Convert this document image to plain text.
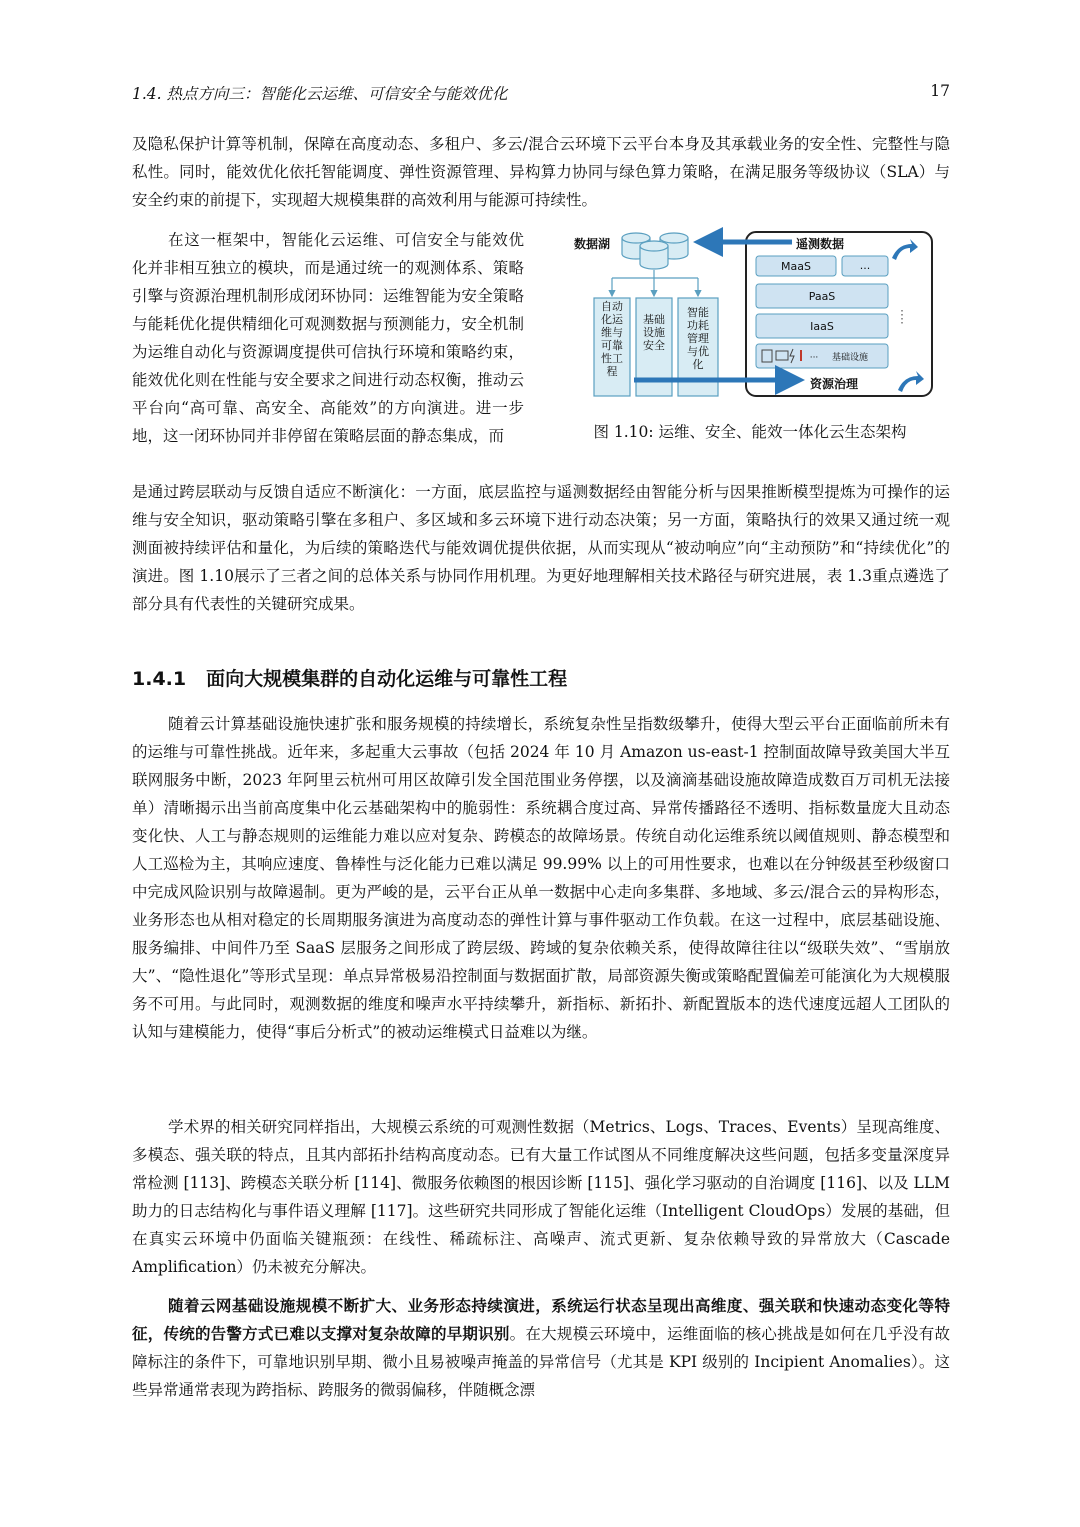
1.4. 热点方向三：智能化云运维、可信安全与能效优化	17

及隐私保护计算等机制，保障在高度动态、多租户、多云/混合云环境下云平台本身及其承载业务的安全性、完整性与隐私性。同时，能效优化依托智能调度、弹性资源管理、异构算力协同与绿色算力策略，在满足服务等级协议（SLA）与安全约束的前提下，实现超大规模集群的高效利用与能源可持续性。

在这一框架中，智能化云运维、可信安全与能效优化并非相互独立的模块，而是通过统一的观测体系、策略引擎与资源治理机制形成闭环协同：运维智能为安全策略与能耗优化提供精细化可观测数据与预测能力，安全机制为运维自动化与资源调度提供可信执行环境和策略约束，能效优化则在性能与安全要求之间进行动态权衡，推动云平台向“高可靠、高安全、高能效”的方向演进。进一步地，这一闭环协同并非停留在策略层面的静态集成，而

数据湖
自动
化运
维与
可靠
性工
程
基础
设施
安全
智能
功耗
管理
与优
化
遥测数据
MaaS	...
PaaS
IaaS
··· 基础设施
资源治理
图 1.10: 运维、安全、能效一体化云生态架构

是通过跨层联动与反馈自适应不断演化：一方面，底层监控与遥测数据经由智能分析与因果推断模型提炼为可操作的运维与安全知识，驱动策略引擎在多租户、多区域和多云环境下进行动态决策；另一方面，策略执行的效果又通过统一观测面被持续评估和量化，为后续的策略迭代与能效调优提供依据，从而实现从“被动响应”向“主动预防”和“持续优化”的演进。图 1.10展示了三者之间的总体关系与协同作用机理。为更好地理解相关技术路径与研究进展，表 1.3重点遴选了部分具有代表性的关键研究成果。

1.4.1 面向大规模集群的自动化运维与可靠性工程

随着云计算基础设施快速扩张和服务规模的持续增长，系统复杂性呈指数级攀升，使得大型云平台正面临前所未有的运维与可靠性挑战。近年来，多起重大云事故（包括 2024 年 10 月 Amazon us-east-1 控制面故障导致美国大半互联网服务中断，2023 年阿里云杭州可用区故障引发全国范围业务停摆，以及滴滴基础设施故障造成数百万司机无法接单）清晰揭示出当前高度集中化云基础架构中的脆弱性：系统耦合度过高、异常传播路径不透明、指标数量庞大且动态变化快、人工与静态规则的运维能力难以应对复杂、跨模态的故障场景。传统自动化运维系统以阈值规则、静态模型和人工巡检为主，其响应速度、鲁棒性与泛化能力已难以满足 99.99% 以上的可用性要求，也难以在分钟级甚至秒级窗口中完成风险识别与故障遏制。更为严峻的是，云平台正从单一数据中心走向多集群、多地域、多云/混合云的异构形态，业务形态也从相对稳定的长周期服务演进为高度动态的弹性计算与事件驱动工作负载。在这一过程中，底层基础设施、服务编排、中间件乃至 SaaS 层服务之间形成了跨层级、跨域的复杂依赖关系，使得故障往往以“级联失效”、“雪崩放大”、“隐性退化”等形式呈现：单点异常极易沿控制面与数据面扩散，局部资源失衡或策略配置偏差可能演化为大规模服务不可用。与此同时，观测数据的维度和噪声水平持续攀升，新指标、新拓扑、新配置版本的迭代速度远超人工团队的认知与建模能力，使得“事后分析式”的被动运维模式日益难以为继。

学术界的相关研究同样指出，大规模云系统的可观测性数据（Metrics、Logs、Traces、Events）呈现高维度、多模态、强关联的特点，且其内部拓扑结构高度动态。已有大量工作试图从不同维度解决这些问题，包括多变量深度异常检测 [113]、跨模态关联分析 [114]、微服务依赖图的根因诊断 [115]、强化学习驱动的自治调度 [116]、以及 LLM 助力的日志结构化与事件语义理解 [117]。这些研究共同形成了智能化运维（Intelligent CloudOps）发展的基础，但在真实云环境中仍面临关键瓶颈：在线性、稀疏标注、高噪声、流式更新、复杂依赖导致的异常放大（Cascade Amplification）仍未被充分解决。

随着云网基础设施规模不断扩大、业务形态持续演进，系统运行状态呈现出高维度、强关联和快速动态变化等特征，传统的告警方式已难以支撑对复杂故障的早期识别。在大规模云环境中，运维面临的核心挑战是如何在几乎没有故障标注的条件下，可靠地识别早期、微小且易被噪声掩盖的异常信号（尤其是 KPI 级别的 Incipient Anomalies）。这些异常通常表现为跨指标、跨服务的微弱偏移，伴随概念漂
